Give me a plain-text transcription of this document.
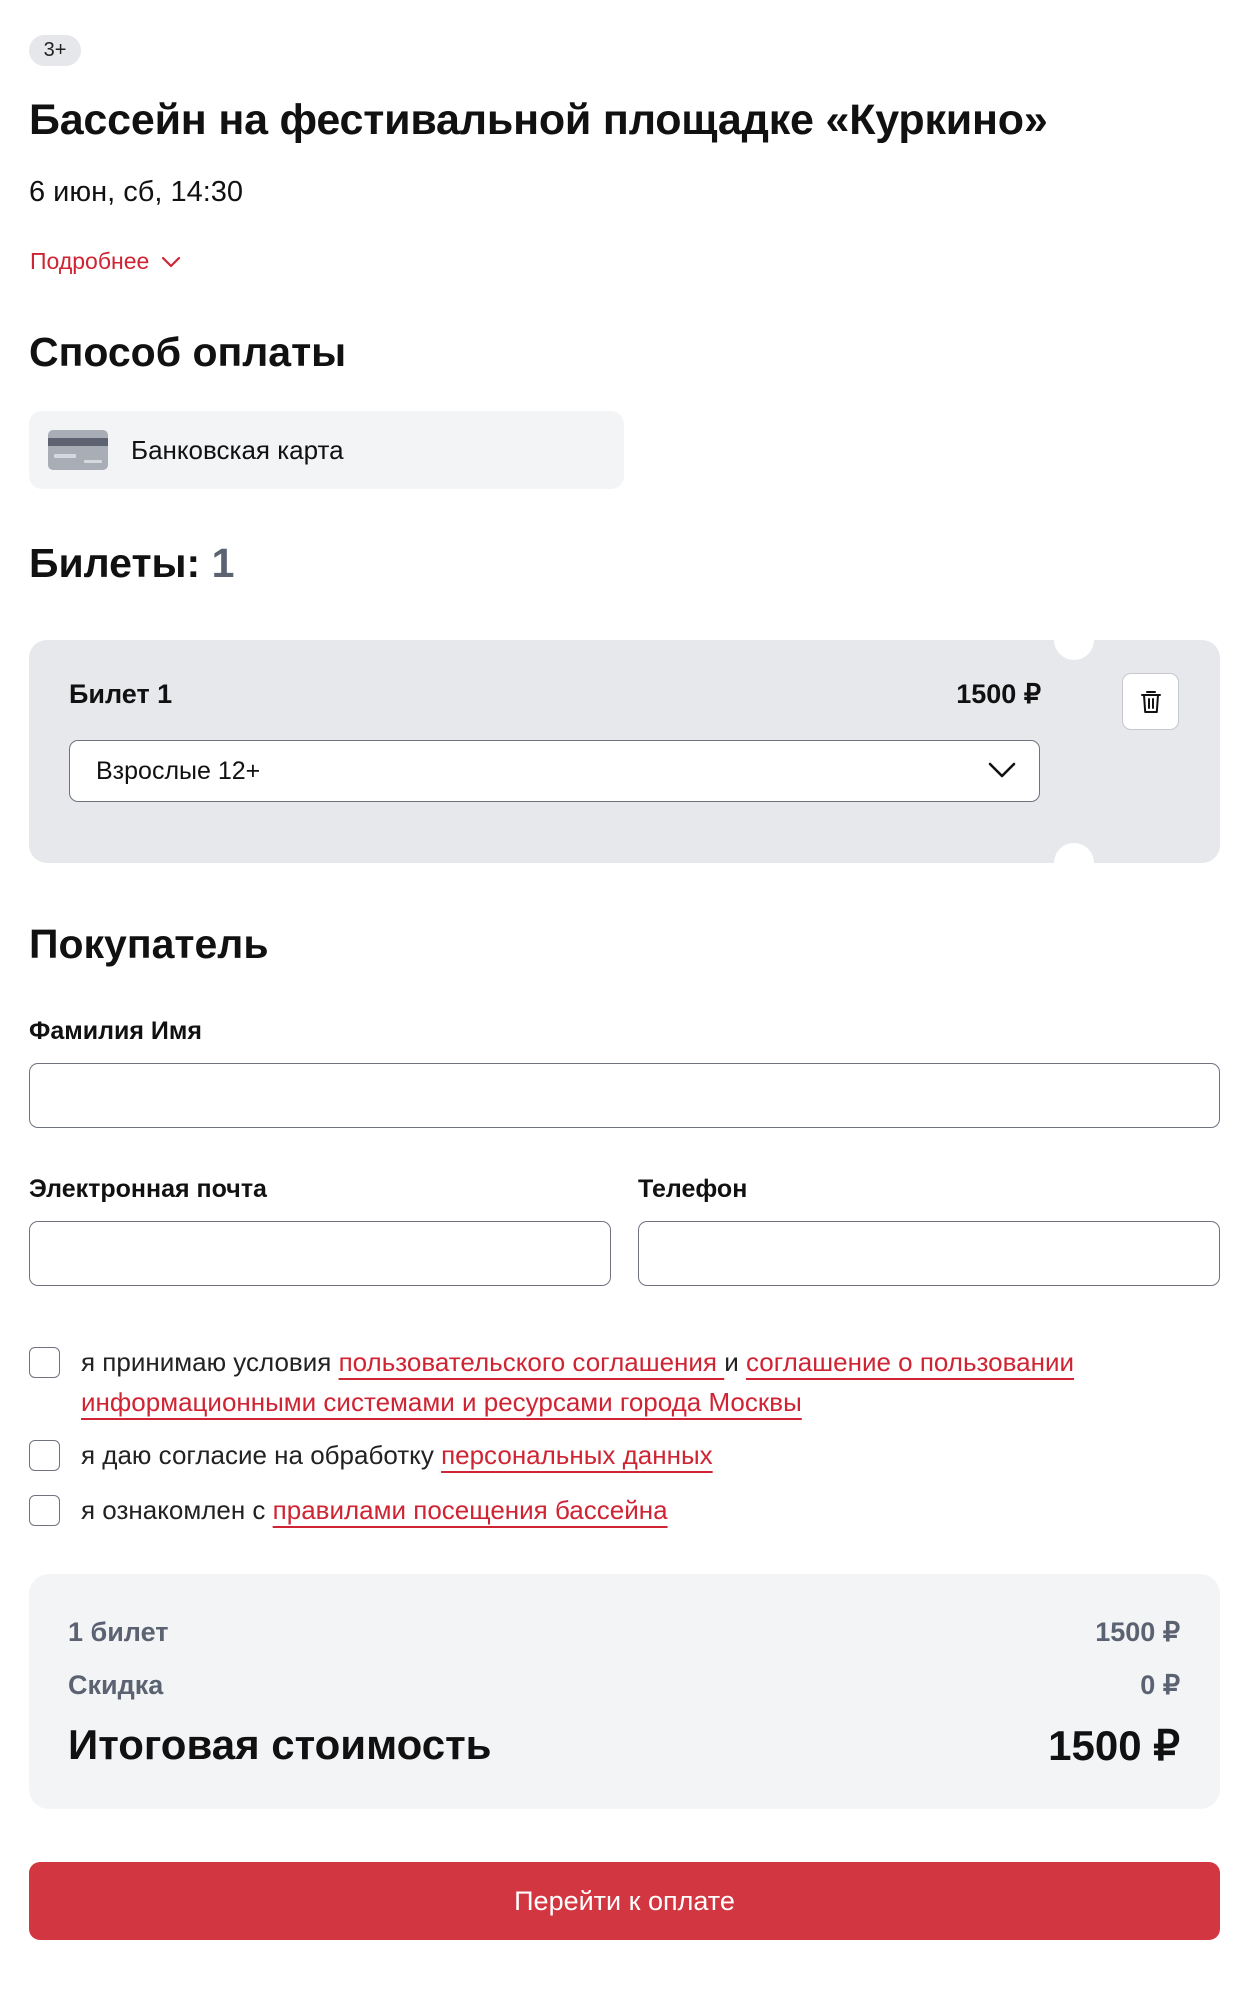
3+
Бассейн на фестивальной площадке «Куркино»
6 июн, сб, 14:30
Подробнее
Способ оплаты
Банковская карта
Билеты: 1
Билет 1	1500 ₽
Взрослые 12+
Покупатель
Фамилия Имя
Электронная почта	Телефон
я принимаю условия пользовательского соглашения и соглашение о пользовании информационными системами и ресурсами города Москвы
я даю согласие на обработку персональных данных
я ознакомлен с правилами посещения бассейна
1 билет	1500 ₽
Скидка	0 ₽
Итоговая стоимость	1500 ₽
Перейти к оплате
